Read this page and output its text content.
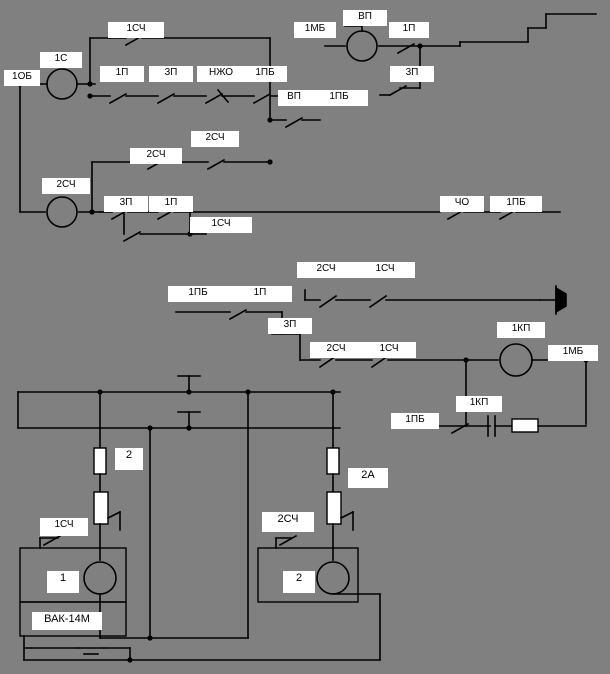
1СЧ
ВП
1МБ	1П
1С
1ОБ	1П	3П	НЖО	1ПБ	3П
ВП	1ПБ
2СЧ
2СЧ
2СЧ
3П	1П	ЧО	1ПБ
1СЧ
2СЧ	1СЧ
1ПБ	1П
3П
2СЧ	1СЧ
1КП
1МБ
1КП
1ПБ
2
2А
2СЧ
1СЧ
1	2
ВАК-14М
